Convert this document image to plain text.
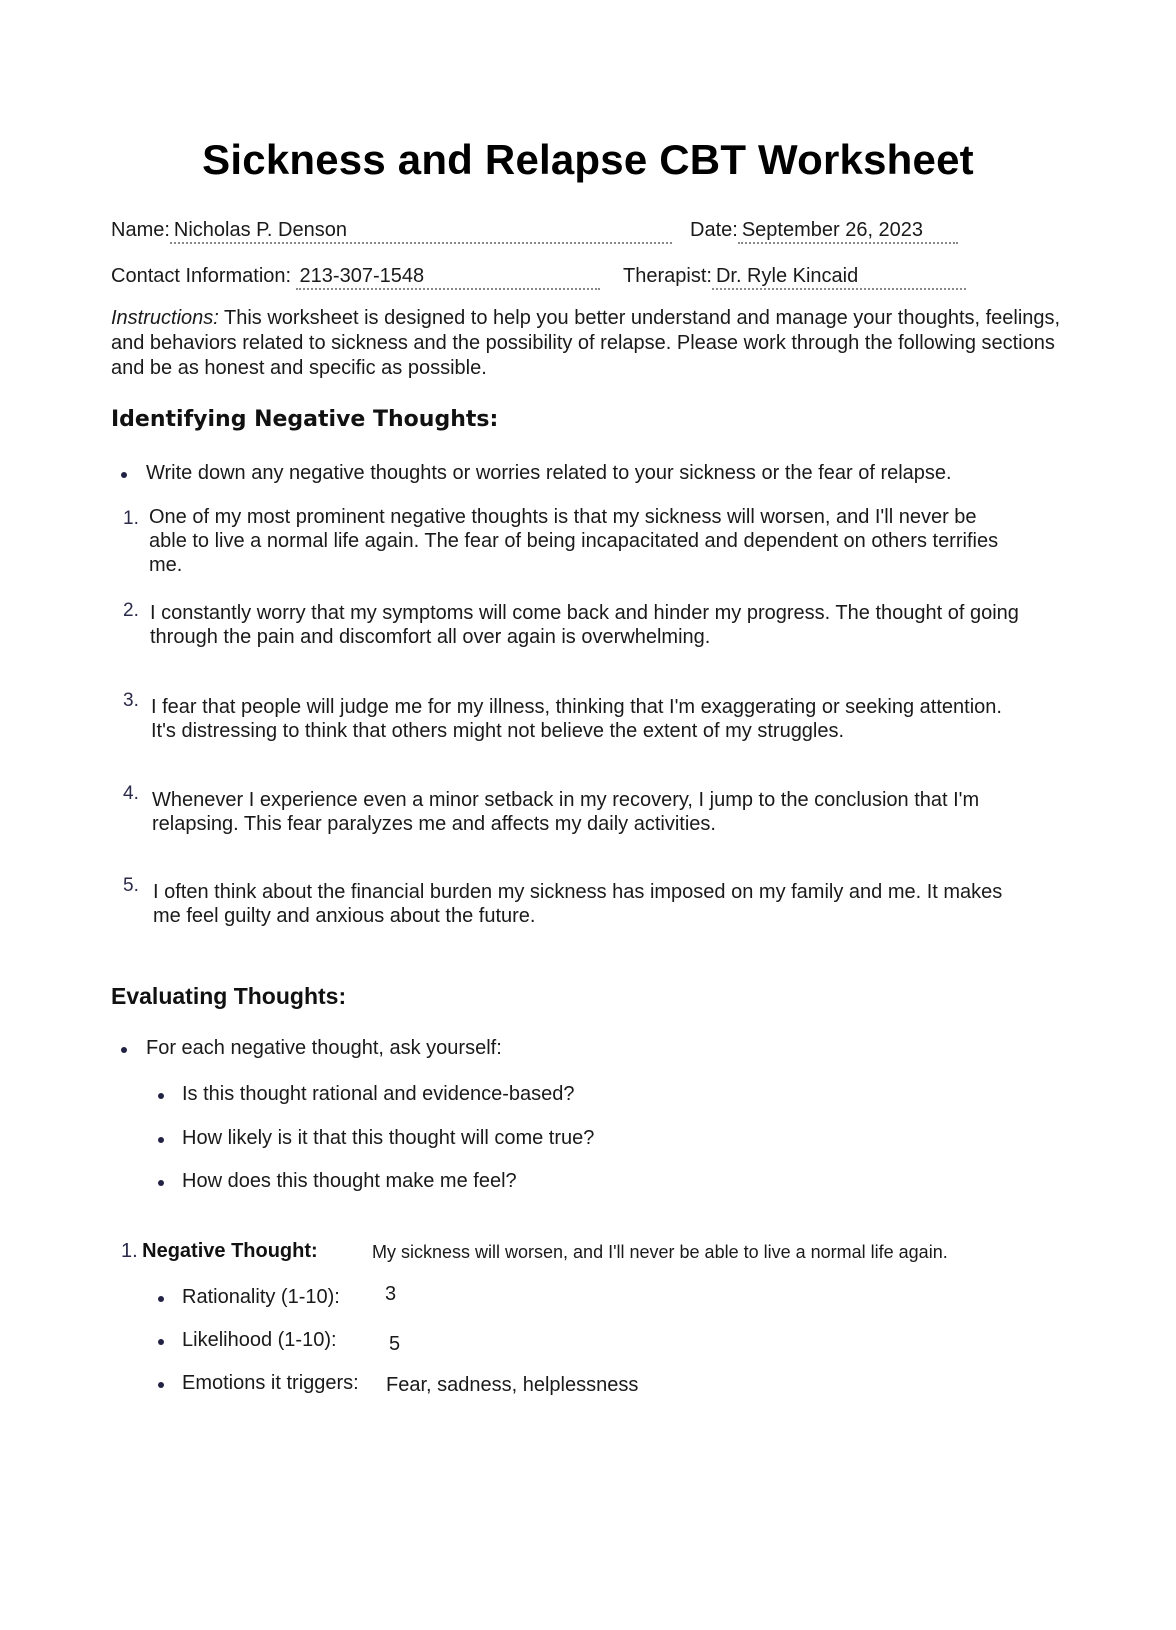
Sickness and Relapse CBT Worksheet
Name: Nicholas P. Denson	Date: September 26, 2023
Contact Information: 213-307-1548	Therapist: Dr. Ryle Kincaid
Instructions: This worksheet is designed to help you better understand and manage your thoughts, feelings, and behaviors related to sickness and the possibility of relapse. Please work through the following sections and be as honest and specific as possible.
Identifying Negative Thoughts:
Write down any negative thoughts or worries related to your sickness or the fear of relapse.
1. One of my most prominent negative thoughts is that my sickness will worsen, and I'll never be able to live a normal life again. The fear of being incapacitated and dependent on others terrifies me.
2. I constantly worry that my symptoms will come back and hinder my progress. The thought of going through the pain and discomfort all over again is overwhelming.
3. I fear that people will judge me for my illness, thinking that I'm exaggerating or seeking attention. It's distressing to think that others might not believe the extent of my struggles.
4. Whenever I experience even a minor setback in my recovery, I jump to the conclusion that I'm relapsing. This fear paralyzes me and affects my daily activities.
5. I often think about the financial burden my sickness has imposed on my family and me. It makes me feel guilty and anxious about the future.
Evaluating Thoughts:
For each negative thought, ask yourself:
Is this thought rational and evidence-based?
How likely is it that this thought will come true?
How does this thought make me feel?
1. Negative Thought:	My sickness will worsen, and I'll never be able to live a normal life again.
Rationality (1-10): 3
Likelihood (1-10):	5
Emotions it triggers: Fear, sadness, helplessness
